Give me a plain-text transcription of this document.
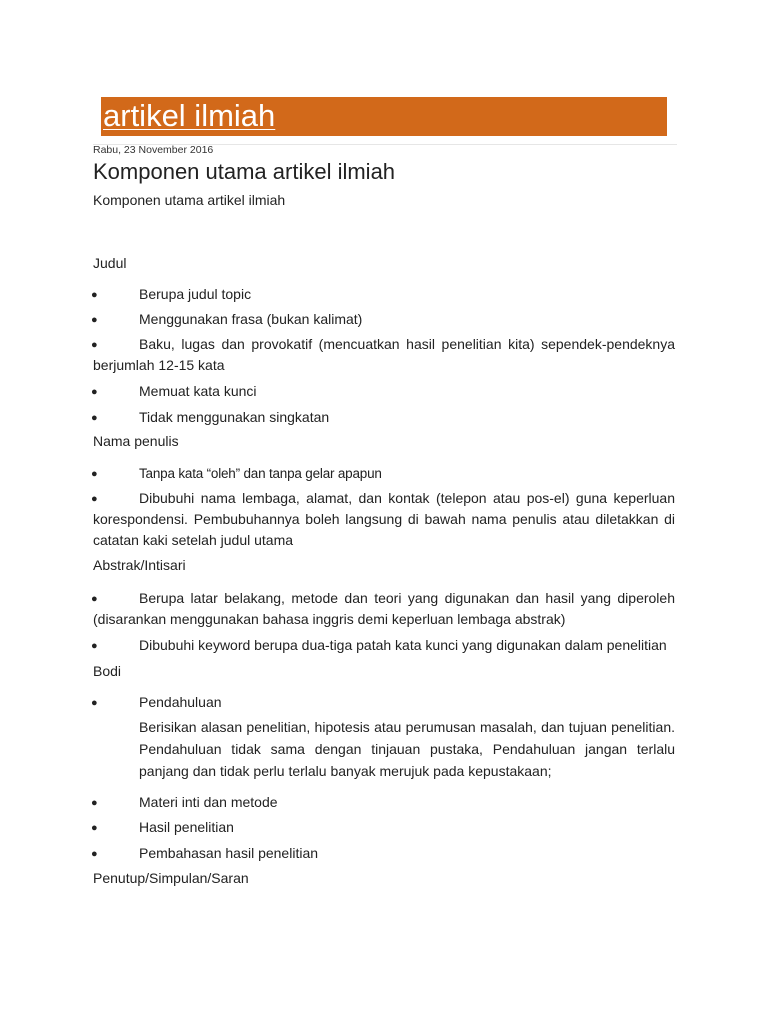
artikel ilmiah
Rabu, 23 November 2016
Komponen utama artikel ilmiah
Komponen utama artikel ilmiah
Judul
●	Berupa judul topic
●	Menggunakan frasa (bukan kalimat)
●	Baku, lugas dan provokatif (mencuatkan hasil penelitian kita) sependek-pendeknya berjumlah 12-15 kata
●	Memuat kata kunci
●	Tidak menggunakan singkatan
Nama penulis
●	Tanpa kata “oleh” dan tanpa gelar apapun
●	Dibubuhi nama lembaga, alamat, dan kontak (telepon atau pos-el) guna keperluan korespondensi. Pembubuhannya boleh langsung di bawah nama penulis atau diletakkan di catatan kaki setelah judul utama
Abstrak/Intisari
●	Berupa latar belakang, metode dan teori yang digunakan dan hasil yang diperoleh (disarankan menggunakan bahasa inggris demi keperluan lembaga abstrak)
●	Dibubuhi keyword berupa dua-tiga patah kata kunci yang digunakan dalam penelitian
Bodi
●	Pendahuluan
Berisikan alasan penelitian, hipotesis atau perumusan masalah, dan tujuan penelitian. Pendahuluan tidak sama dengan tinjauan pustaka, Pendahuluan jangan terlalu panjang dan tidak perlu terlalu banyak merujuk pada kepustakaan;
●	Materi inti dan metode
●	Hasil penelitian
●	Pembahasan hasil penelitian
Penutup/Simpulan/Saran
